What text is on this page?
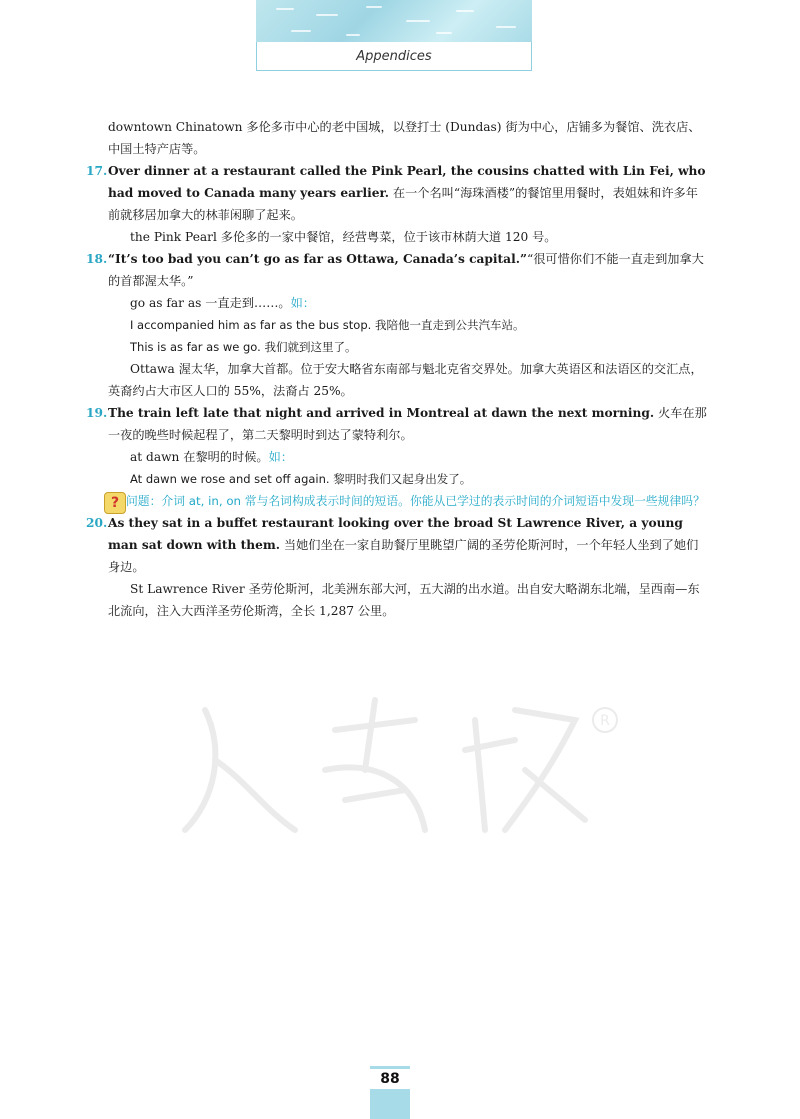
Appendices

downtown Chinatown 多伦多市中心的老中国城，以登打士 (Dundas) 街为中心，店铺多为餐馆、洗衣店、中国土特产店等。

17. Over dinner at a restaurant called the Pink Pearl, the cousins chatted with Lin Fei, who had moved to Canada many years earlier. 在一个名叫“海珠酒楼”的餐馆里用餐时，表姐妹和许多年前就移居加拿大的林菲闲聊了起来。

the Pink Pearl 多伦多的一家中餐馆，经营粤菜，位于该市林荫大道 120 号。

18. “It’s too bad you can’t go as far as Ottawa, Canada’s capital.”“很可惜你们不能一直走到加拿大的首都渥太华。”

go as far as 一直走到……。如：

I accompanied him as far as the bus stop. 我陪他一直走到公共汽车站。

This is as far as we go. 我们就到这里了。

Ottawa 渥太华，加拿大首都。位于安大略省东南部与魁北克省交界处。加拿大英语区和法语区的交汇点，英裔约占大市区人口的 55%，法裔占 25%。

19. The train left late that night and arrived in Montreal at dawn the next morning. 火车在那一夜的晚些时候起程了，第二天黎明时到达了蒙特利尔。

at dawn 在黎明的时候。如：

At dawn we rose and set off again. 黎明时我们又起身出发了。

? 问题：介词 at, in, on 常与名词构成表示时间的短语。你能从已学过的表示时间的介词短语中发现一些规律吗？

20. As they sat in a buffet restaurant looking over the broad St Lawrence River, a young man sat down with them. 当她们坐在一家自助餐厅里眺望广阔的圣劳伦斯河时，一个年轻人坐到了她们身边。

St Lawrence River 圣劳伦斯河，北美洲东部大河，五大湖的出水道。出自安大略湖东北端，呈西南—东北流向，注入大西洋圣劳伦斯湾，全长 1,287 公里。

R
88
